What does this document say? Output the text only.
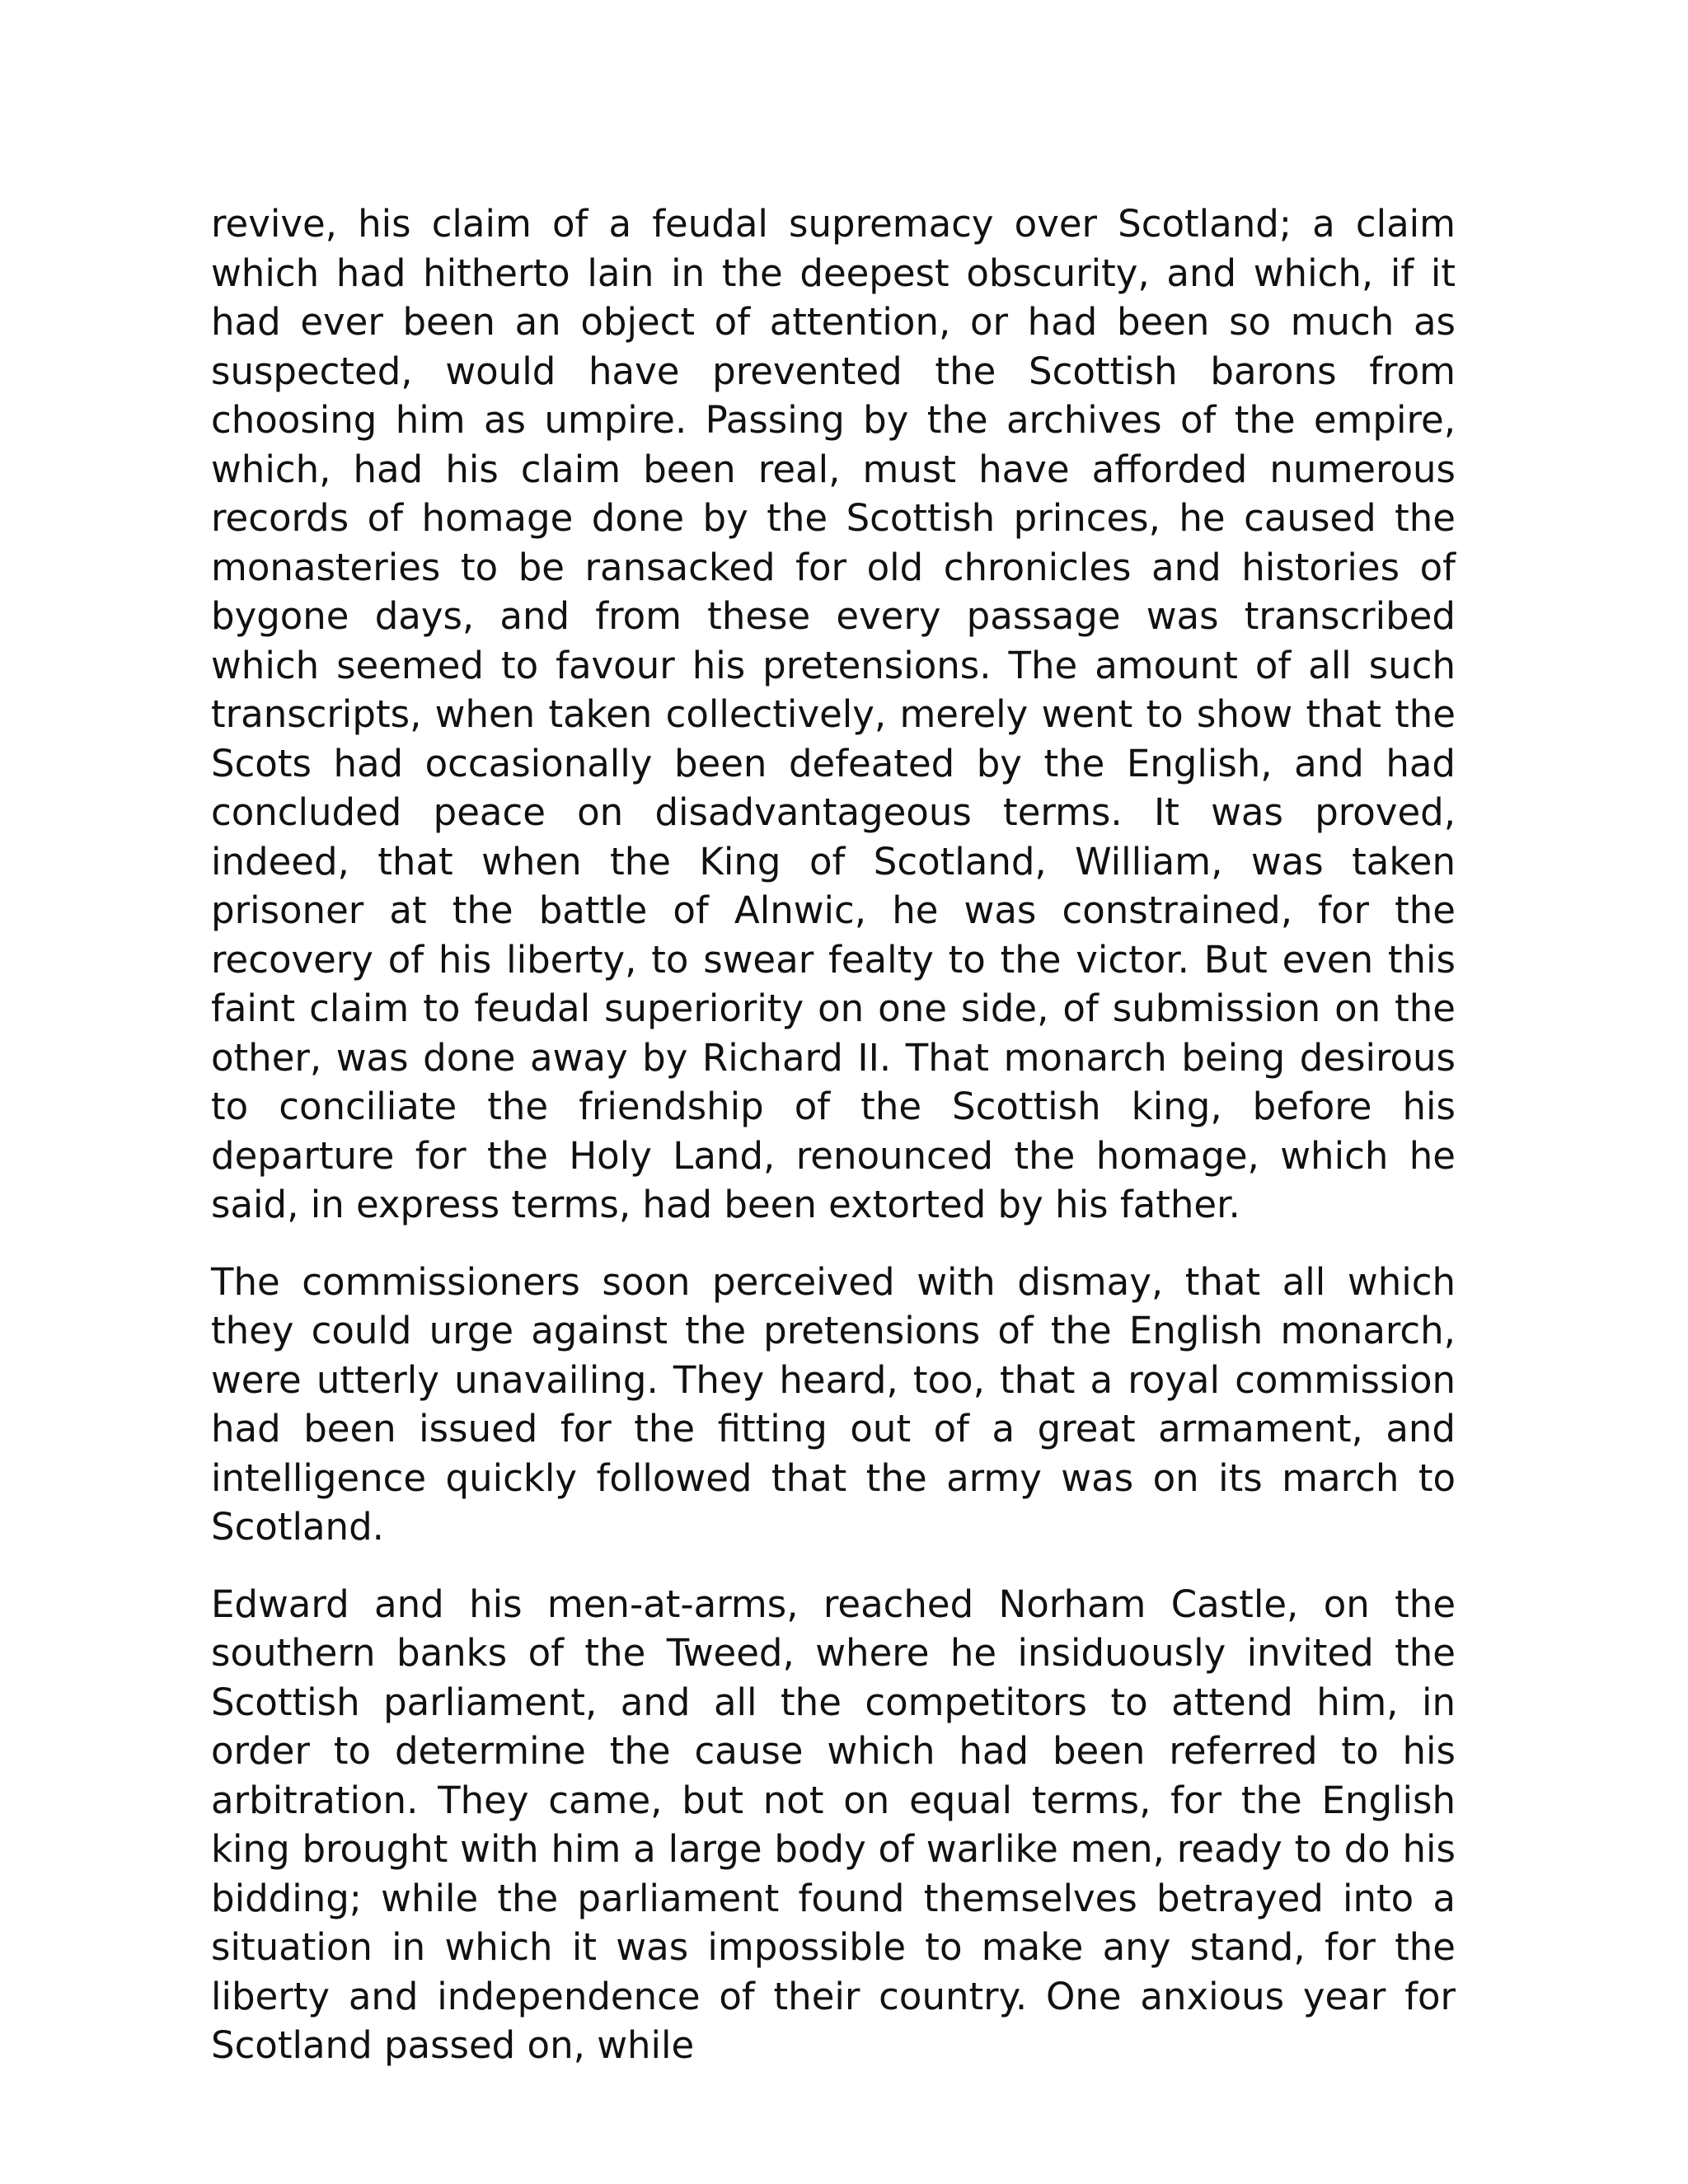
revive, his claim of a feudal supremacy over Scotland; a claim which had hitherto lain in the deepest obscurity, and which, if it had ever been an object of attention, or had been so much as suspected, would have prevented the Scottish barons from choosing him as umpire. Passing by the archives of the empire, which, had his claim been real, must have afforded numerous records of homage done by the Scottish princes, he caused the monasteries to be ransacked for old chronicles and histories of bygone days, and from these every passage was transcribed which seemed to favour his pretensions. The amount of all such transcripts, when taken collectively, merely went to show that the Scots had occasionally been defeated by the English, and had concluded peace on disadvantageous terms. It was proved, indeed, that when the King of Scotland, William, was taken prisoner at the battle of Alnwic, he was constrained, for the recovery of his liberty, to swear fealty to the victor. But even this faint claim to feudal superiority on one side, of submission on the other, was done away by Richard II. That monarch being desirous to conciliate the friendship of the Scottish king, before his departure for the Holy Land, renounced the homage, which he said, in express terms, had been extorted by his father.

The commissioners soon perceived with dismay, that all which they could urge against the pretensions of the English monarch, were utterly unavailing. They heard, too, that a royal commission had been issued for the fitting out of a great armament, and intelligence quickly followed that the army was on its march to Scotland.

Edward and his men-at-arms, reached Norham Castle, on the southern banks of the Tweed, where he insiduously invited the Scottish parliament, and all the competitors to attend him, in order to determine the cause which had been referred to his arbitration. They came, but not on equal terms, for the English king brought with him a large body of warlike men, ready to do his bidding; while the parliament found themselves betrayed into a situation in which it was impossible to make any stand, for the liberty and independence of their country. One anxious year for Scotland passed on, while
